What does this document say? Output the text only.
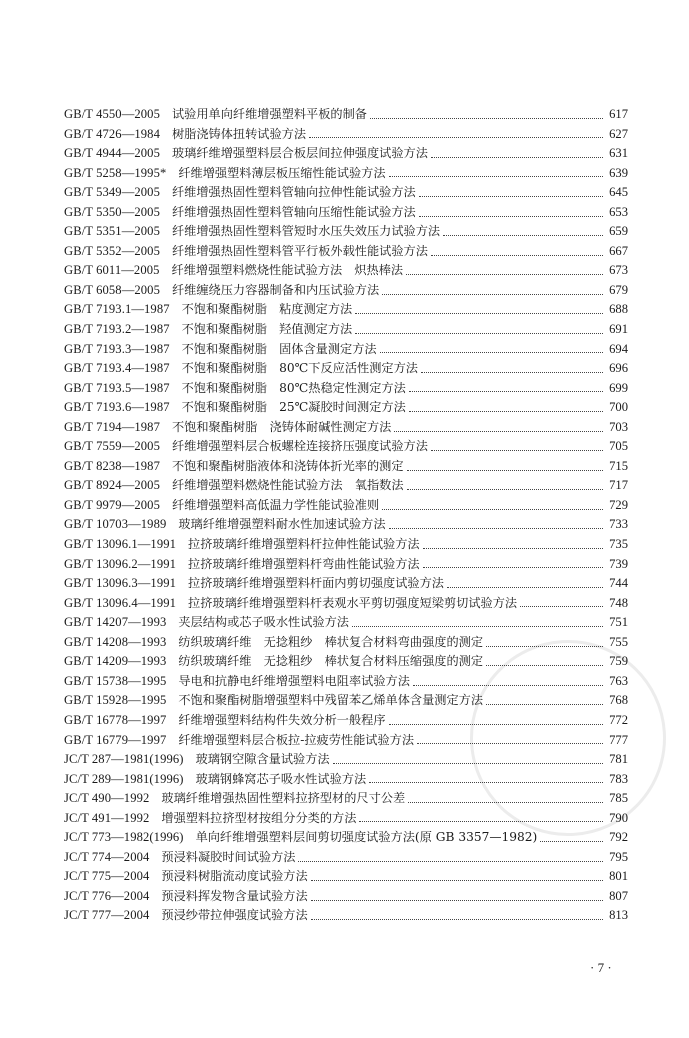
GB/T 4550—2005 试验用单向纤维增强塑料平板的制备	617
GB/T 4726—1984 树脂浇铸体扭转试验方法	627
GB/T 4944—2005 玻璃纤维增强塑料层合板层间拉伸强度试验方法	631
GB/T 5258—1995* 纤维增强塑料薄层板压缩性能试验方法	639
GB/T 5349—2005 纤维增强热固性塑料管轴向拉伸性能试验方法	645
GB/T 5350—2005 纤维增强热固性塑料管轴向压缩性能试验方法	653
GB/T 5351—2005 纤维增强热固性塑料管短时水压失效压力试验方法	659
GB/T 5352—2005 纤维增强热固性塑料管平行板外载性能试验方法	667
GB/T 6011—2005 纤维增强塑料燃烧性能试验方法　炽热棒法	673
GB/T 6058—2005 纤维缠绕压力容器制备和内压试验方法	679
GB/T 7193.1—1987 不饱和聚酯树脂　粘度测定方法	688
GB/T 7193.2—1987 不饱和聚酯树脂　羟值测定方法	691
GB/T 7193.3—1987 不饱和聚酯树脂　固体含量测定方法	694
GB/T 7193.4—1987 不饱和聚酯树脂　80℃下反应活性测定方法	696
GB/T 7193.5—1987 不饱和聚酯树脂　80℃热稳定性测定方法	699
GB/T 7193.6—1987 不饱和聚酯树脂　25℃凝胶时间测定方法	700
GB/T 7194—1987 不饱和聚酯树脂　浇铸体耐碱性测定方法	703
GB/T 7559—2005 纤维增强塑料层合板螺栓连接挤压强度试验方法	705
GB/T 8238—1987 不饱和聚酯树脂液体和浇铸体折光率的测定	715
GB/T 8924—2005 纤维增强塑料燃烧性能试验方法　氧指数法	717
GB/T 9979—2005 纤维增强塑料高低温力学性能试验准则	729
GB/T 10703—1989 玻璃纤维增强塑料耐水性加速试验方法	733
GB/T 13096.1—1991 拉挤玻璃纤维增强塑料杆拉伸性能试验方法	735
GB/T 13096.2—1991 拉挤玻璃纤维增强塑料杆弯曲性能试验方法	739
GB/T 13096.3—1991 拉挤玻璃纤维增强塑料杆面内剪切强度试验方法	744
GB/T 13096.4—1991 拉挤玻璃纤维增强塑料杆表观水平剪切强度短梁剪切试验方法	748
GB/T 14207—1993 夹层结构或芯子吸水性试验方法	751
GB/T 14208—1993 纺织玻璃纤维　无捻粗纱　棒状复合材料弯曲强度的测定	755
GB/T 14209—1993 纺织玻璃纤维　无捻粗纱　棒状复合材料压缩强度的测定	759
GB/T 15738—1995 导电和抗静电纤维增强塑料电阻率试验方法	763
GB/T 15928—1995 不饱和聚酯树脂增强塑料中残留苯乙烯单体含量测定方法	768
GB/T 16778—1997 纤维增强塑料结构件失效分析一般程序	772
GB/T 16779—1997 纤维增强塑料层合板拉-拉疲劳性能试验方法	777
JC/T 287—1981(1996) 玻璃钢空隙含量试验方法	781
JC/T 289—1981(1996) 玻璃钢蜂窝芯子吸水性试验方法	783
JC/T 490—1992 玻璃纤维增强热固性塑料拉挤型材的尺寸公差	785
JC/T 491—1992 增强塑料拉挤型材按组分分类的方法	790
JC/T 773—1982(1996) 单向纤维增强塑料层间剪切强度试验方法(原 GB 3357—1982)	792
JC/T 774—2004 预浸料凝胶时间试验方法	795
JC/T 775—2004 预浸料树脂流动度试验方法	801
JC/T 776—2004 预浸料挥发物含量试验方法	807
JC/T 777—2004 预浸纱带拉伸强度试验方法	813
· 7 ·
